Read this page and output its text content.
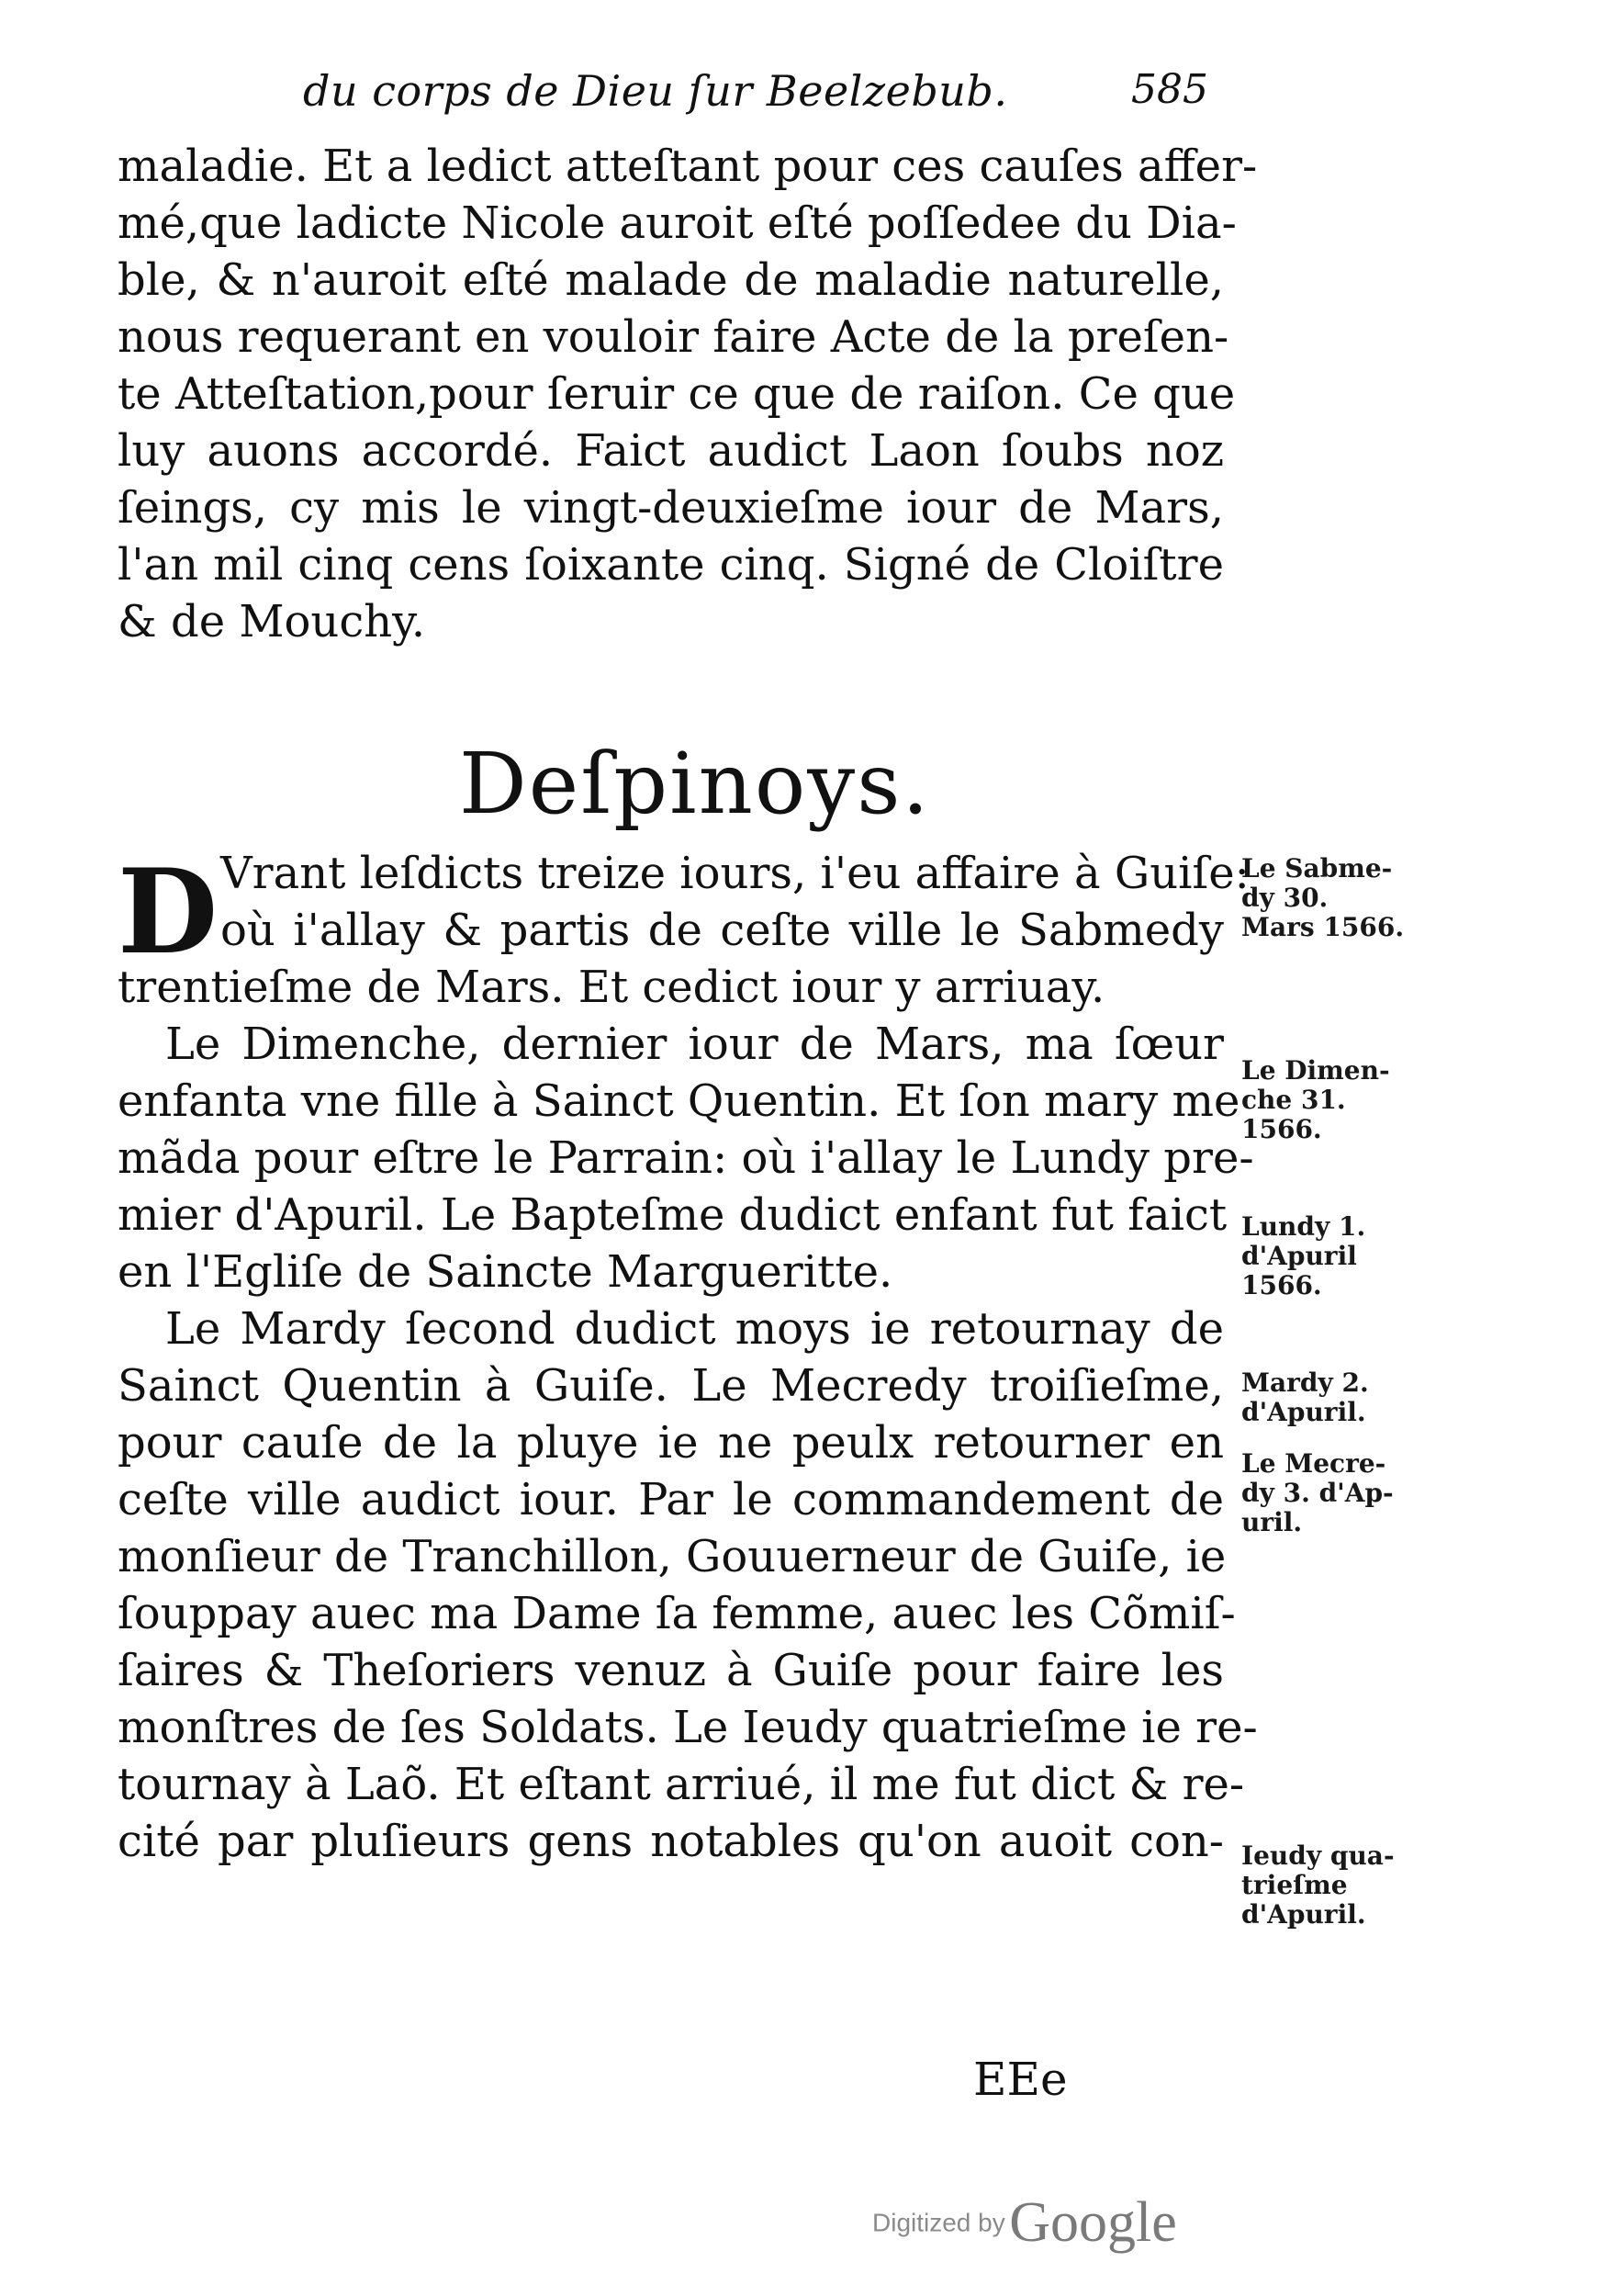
du corps de Dieu ſur Beelzebub.	585
maladie. Et a ledict atteſtant pour ces cauſes affer-
mé,que ladicte Nicole auroit eſté poſſedee du Dia-
ble, & n'auroit eſté malade de maladie naturelle,
nous requerant en vouloir faire Acte de la preſen-
te Atteſtation,pour ſeruir ce que de raiſon. Ce que
luy auons accordé. Faict audict Laon ſoubs noz
ſeings, cy mis le vingt-deuxieſme iour de Mars,
l'an mil cinq cens ſoixante cinq. Signé de Cloiſtre
& de Mouchy.
Deſpinoys.
D Vrant leſdicts treize iours, i'eu affaire à Guiſe:
où i'allay & partis de ceſte ville le Sabmedy
trentieſme de Mars. Et cedict iour y arriuay.
Le Dimenche, dernier iour de Mars, ma ſœur
enfanta vne fille à Sainct Quentin. Et ſon mary me
mãda pour eſtre le Parrain: où i'allay le Lundy pre-
mier d'Apuril. Le Bapteſme dudict enfant fut faict
en l'Egliſe de Saincte Margueritte.
Le Mardy ſecond dudict moys ie retournay de
Sainct Quentin à Guiſe. Le Mecredy troiſieſme,
pour cauſe de la pluye ie ne peulx retourner en
ceſte ville audict iour. Par le commandement de
monſieur de Tranchillon, Gouuerneur de Guiſe, ie
ſouppay auec ma Dame ſa femme, auec les Cõmiſ-
ſaires & Theſoriers venuz à Guiſe pour faire les
monſtres de ſes Soldats. Le Ieudy quatrieſme ie re-
tournay à Laõ. Et eſtant arriué, il me fut dict & re-
cité par pluſieurs gens notables qu'on auoit con-
Le Sabme-
dy 30.
Mars 1566.
Le Dimen-
che 31.
1566.
Lundy 1.
d'Apuril
1566.
Mardy 2.
d'Apuril.
Le Mecre-
dy 3. d'Ap-
uril.
Ieudy qua-
trieſme
d'Apuril.
EEe
Digitized by Google
